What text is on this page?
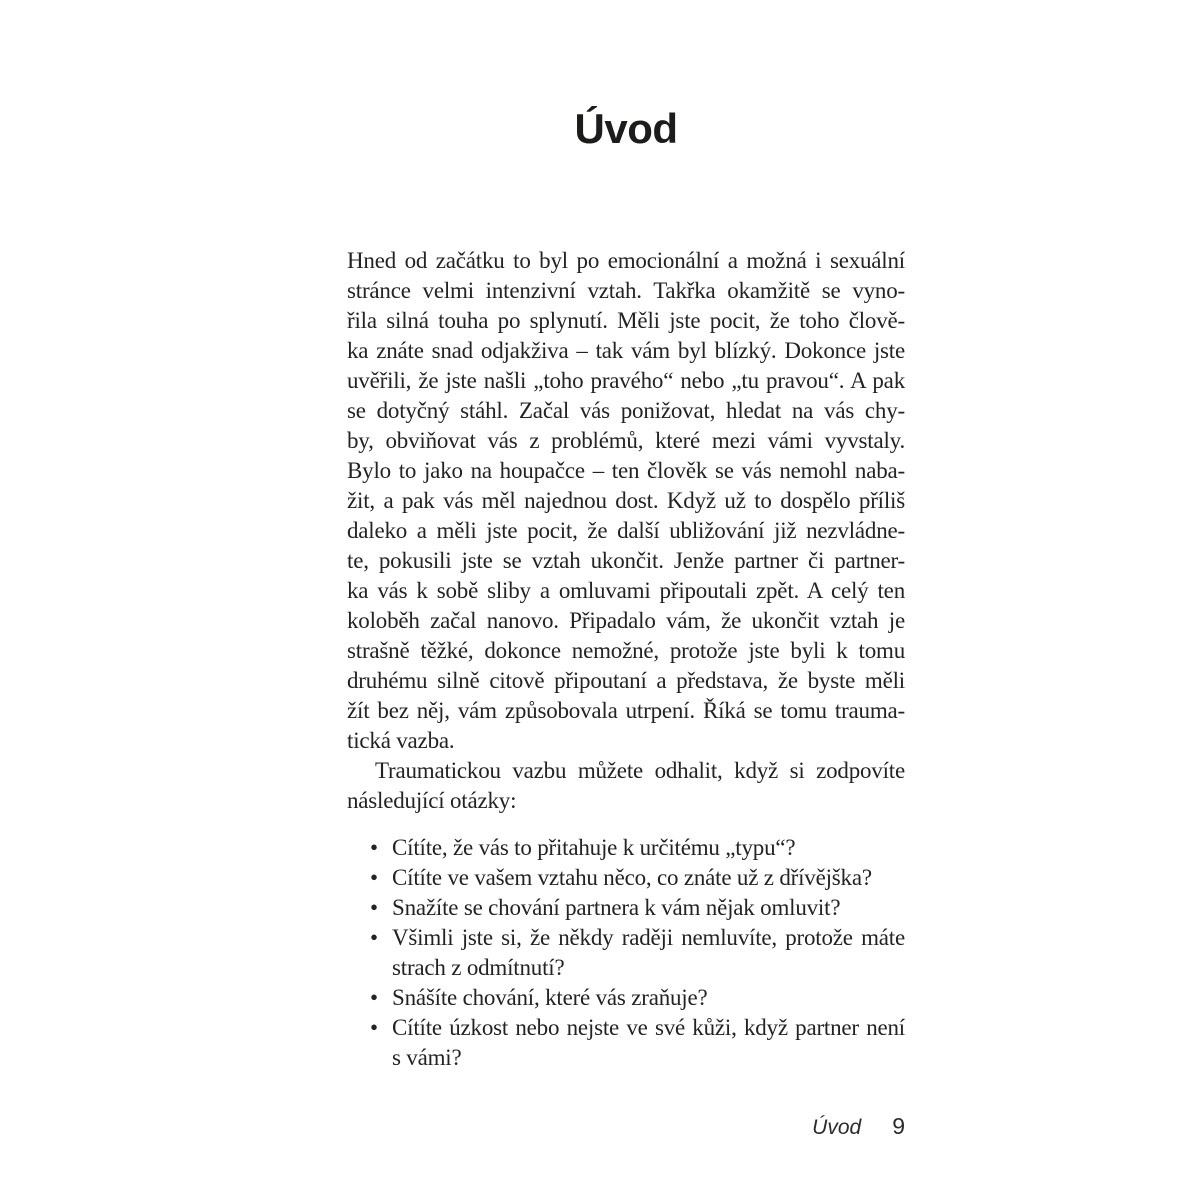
Úvod
Hned od začátku to byl po emocionální a možná i sexuální
stránce velmi intenzivní vztah. Takřka okamžitě se vyno-
řila silná touha po splynutí. Měli jste pocit, že toho člově-
ka znáte snad odjakživa – tak vám byl blízký. Dokonce jste
uvěřili, že jste našli „toho pravého“ nebo „tu pravou“. A pak
se dotyčný stáhl. Začal vás ponižovat, hledat na vás chy-
by, obviňovat vás z problémů, které mezi vámi vyvstaly.
Bylo to jako na houpačce – ten člověk se vás nemohl naba-
žit, a pak vás měl najednou dost. Když už to dospělo příliš
daleko a měli jste pocit, že další ubližování již nezvládne-
te, pokusili jste se vztah ukončit. Jenže partner či partner-
ka vás k sobě sliby a omluvami připoutali zpět. A celý ten
koloběh začal nanovo. Připadalo vám, že ukončit vztah je
strašně těžké, dokonce nemožné, protože jste byli k tomu
druhému silně citově připoutaní a představa, že byste měli
žít bez něj, vám způsobovala utrpení. Říká se tomu trauma-
tická vazba.
Traumatickou vazbu můžete odhalit, když si zodpovíte
následující otázky:
• Cítíte, že vás to přitahuje k určitému „typu“?
• Cítíte ve vašem vztahu něco, co znáte už z dřívějška?
• Snažíte se chování partnera k vám nějak omluvit?
• Všimli jste si, že někdy raději nemluvíte, protože máte
strach z odmítnutí?
• Snášíte chování, které vás zraňuje?
• Cítíte úzkost nebo nejste ve své kůži, když partner není
s vámi?
Úvod 9
